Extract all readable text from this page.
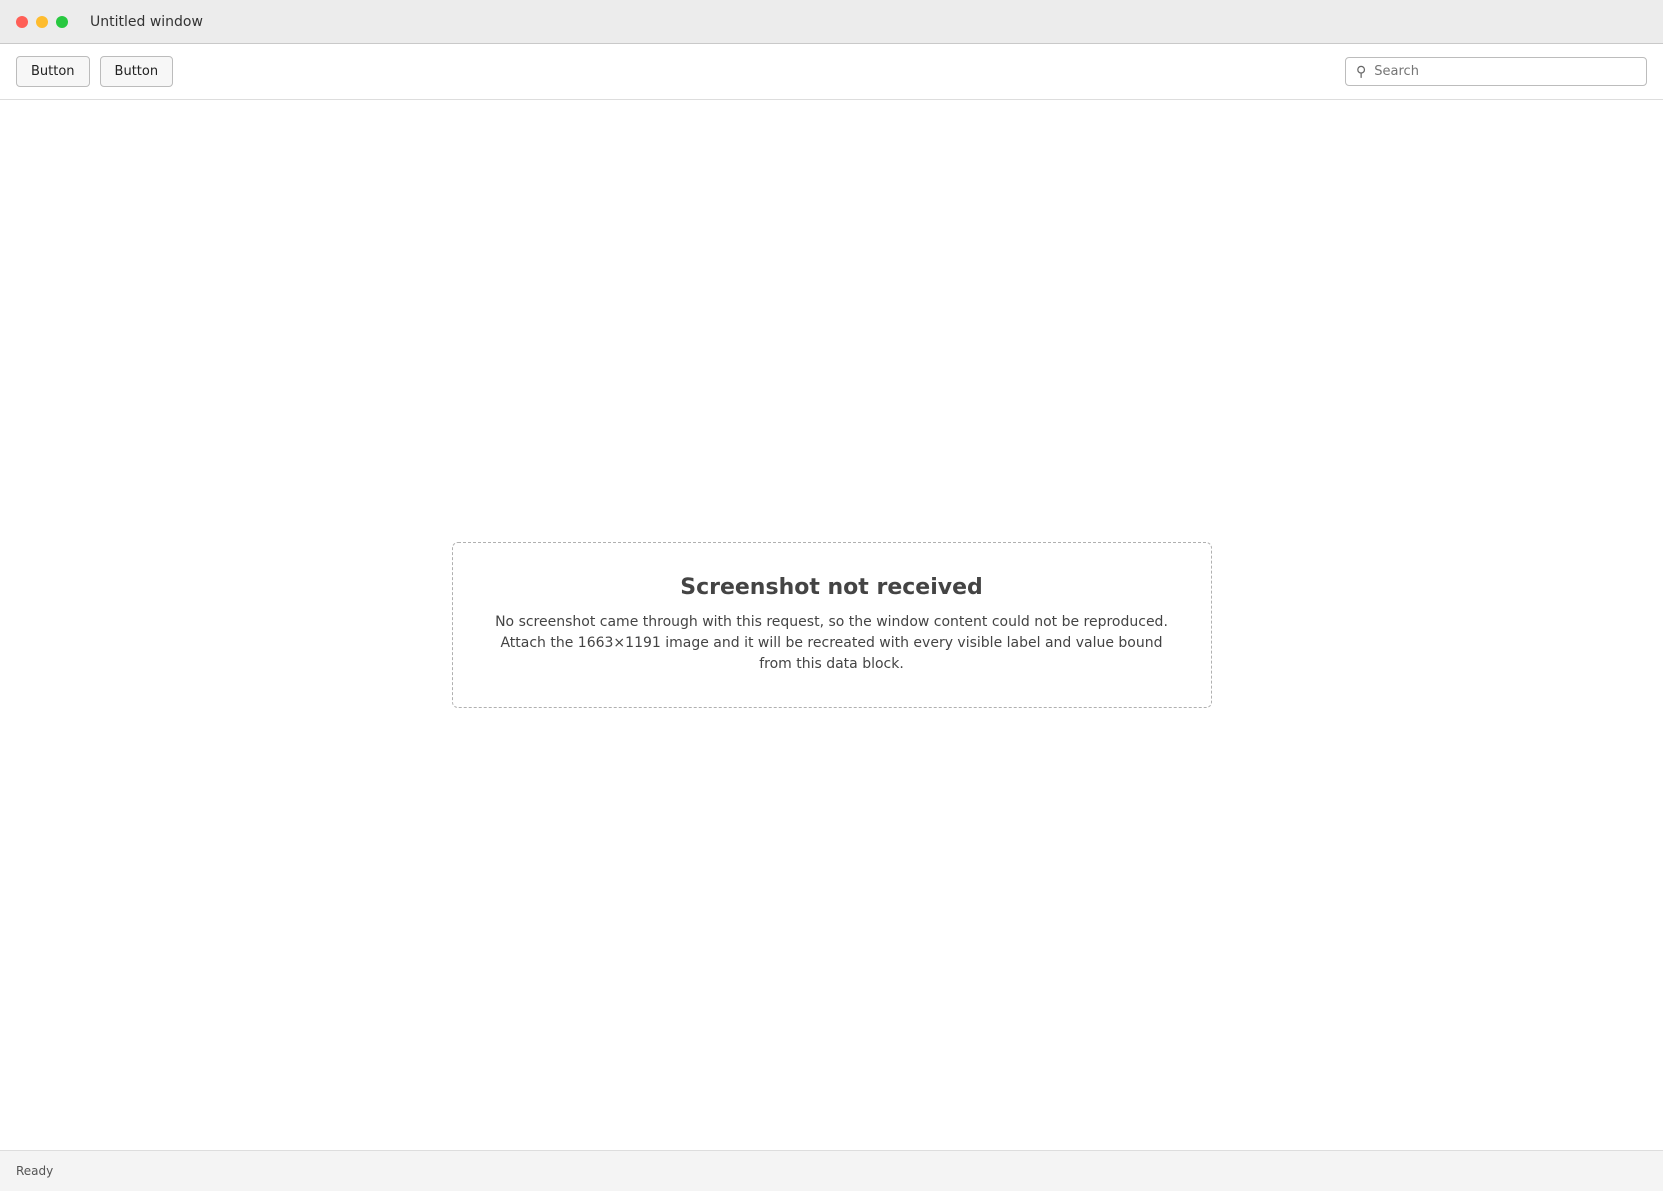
Untitled window
Button	Button	⚲
Search
Screenshot not received

No screenshot came through with this request, so the window content could not be reproduced. Attach the 1663×1191 image and it will be recreated with every visible label and value bound from this data block.

Ready
